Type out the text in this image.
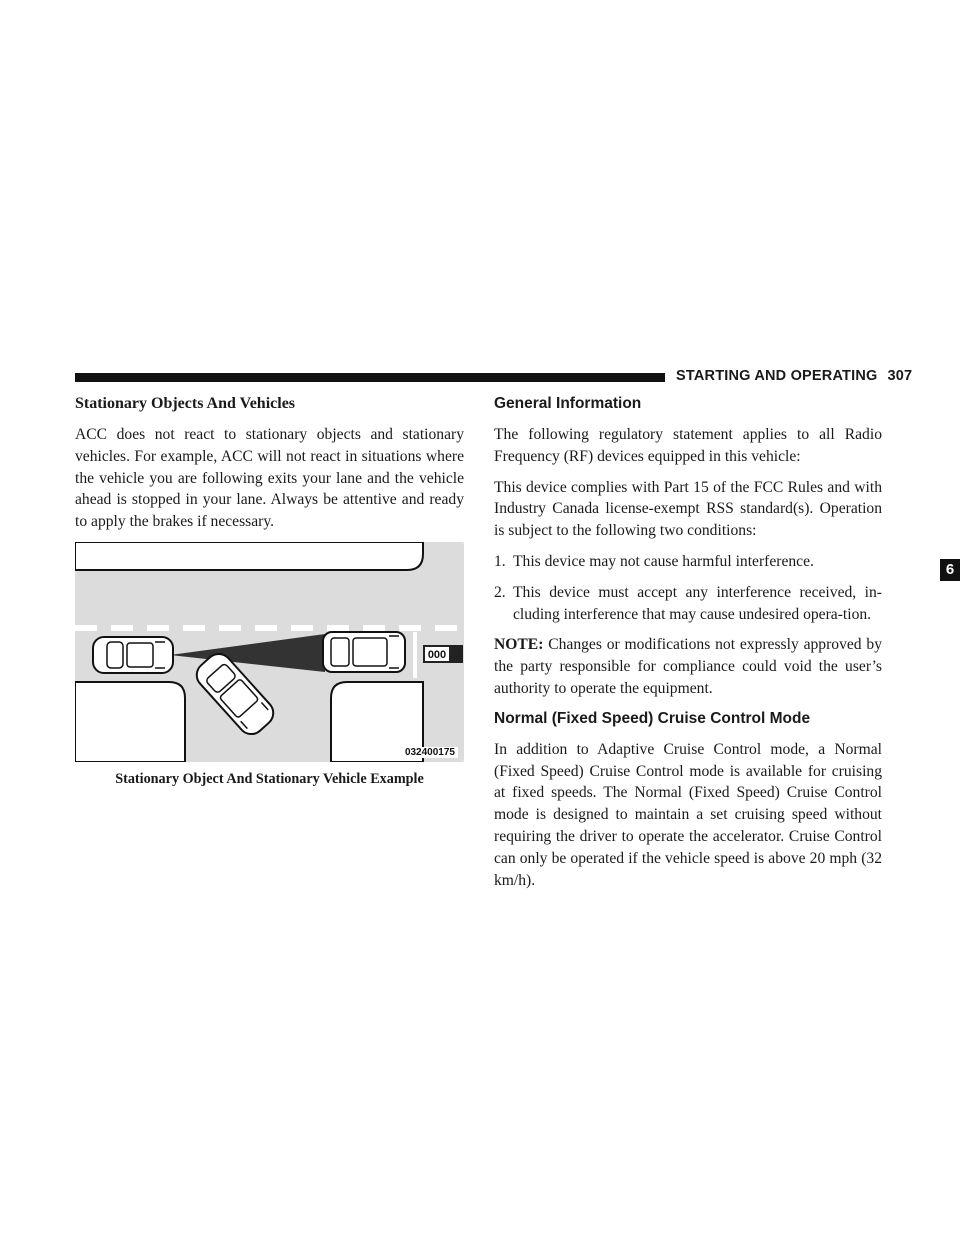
STARTING AND OPERATING 307
6
Stationary Objects And Vehicles

ACC does not react to stationary objects and stationary vehicles. For example, ACC will not react in situations where the vehicle you are following exits your lane and the vehicle ahead is stopped in your lane. Always be attentive and ready to apply the brakes if necessary.

000
032400175
Stationary Object And Stationary Vehicle Example
General Information

The following regulatory statement applies to all Radio Frequency (RF) devices equipped in this vehicle:

This device complies with Part 15 of the FCC Rules and with Industry Canada license-exempt RSS standard(s). Operation is subject to the following two conditions:

1. This device may not cause harmful interference.
2. This device must accept any interference received, in-cluding interference that may cause undesired opera-tion.

NOTE: Changes or modifications not expressly approved by the party responsible for compliance could void the user’s authority to operate the equipment.

Normal (Fixed Speed) Cruise Control Mode

In addition to Adaptive Cruise Control mode, a Normal (Fixed Speed) Cruise Control mode is available for cruising at fixed speeds. The Normal (Fixed Speed) Cruise Control mode is designed to maintain a set cruising speed without requiring the driver to operate the accelerator. Cruise Control can only be operated if the vehicle speed is above 20 mph (32 km/h).
